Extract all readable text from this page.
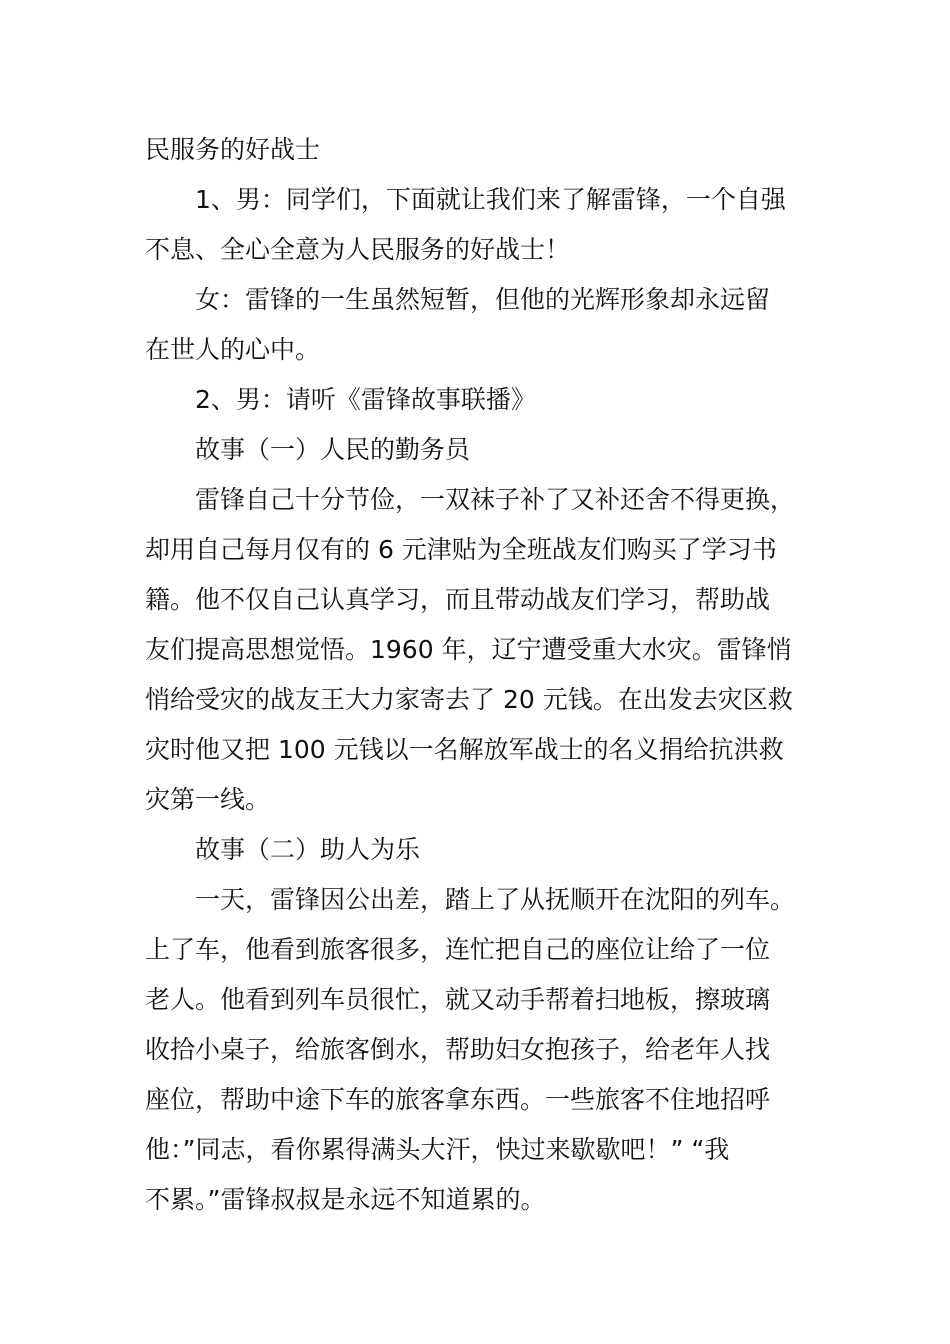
民服务的好战士
1、男：同学们，下面就让我们来了解雷锋，一个自强
不息、全心全意为人民服务的好战士！
女：雷锋的一生虽然短暂，但他的光辉形象却永远留
在世人的心中。
2、男：请听《雷锋故事联播》
故事（一）人民的勤务员
雷锋自己十分节俭，一双袜子补了又补还舍不得更换，
却用自己每月仅有的 6 元津贴为全班战友们购买了学习书
籍。他不仅自己认真学习，而且带动战友们学习，帮助战
友们提高思想觉悟。1960 年，辽宁遭受重大水灾。雷锋悄
悄给受灾的战友王大力家寄去了 20 元钱。在出发去灾区救
灾时他又把 100 元钱以一名解放军战士的名义捐给抗洪救
灾第一线。
故事（二）助人为乐
一天，雷锋因公出差，踏上了从抚顺开在沈阳的列车。
上了车，他看到旅客很多，连忙把自己的座位让给了一位
老人。他看到列车员很忙，就又动手帮着扫地板，擦玻璃
收拾小桌子，给旅客倒水，帮助妇女抱孩子，给老年人找
座位，帮助中途下车的旅客拿东西。一些旅客不住地招呼
他：”同志，看你累得满头大汗，快过来歇歇吧！” “我
不累。”雷锋叔叔是永远不知道累的。
